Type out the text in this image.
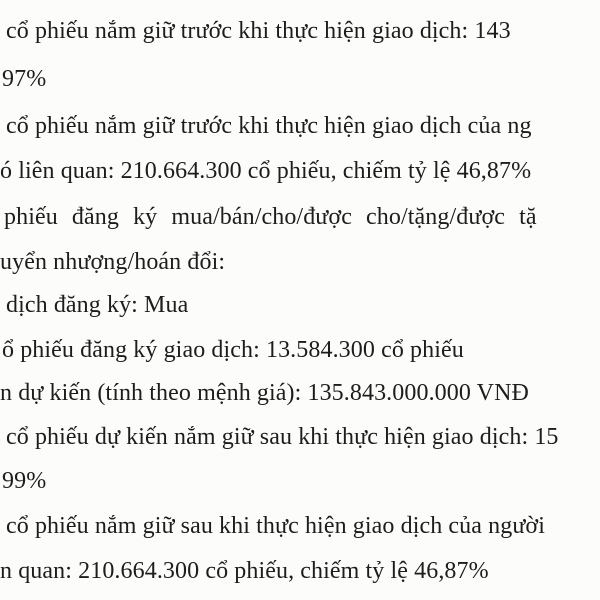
cổ phiếu nắm giữ trước khi thực hiện giao dịch: 143
97%
cổ phiếu nắm giữ trước khi thực hiện giao dịch của ng
ó liên quan: 210.664.300 cổ phiếu, chiếm tỷ lệ 46,87%
phiếu đăng ký mua/bán/cho/được cho/tặng/được tặ
uyển nhượng/hoán đổi:
dịch đăng ký: Mua
ổ phiếu đăng ký giao dịch: 13.584.300 cổ phiếu
n dự kiến (tính theo mệnh giá): 135.843.000.000 VNĐ
cổ phiếu dự kiến nắm giữ sau khi thực hiện giao dịch: 15
99%
cổ phiếu nắm giữ sau khi thực hiện giao dịch của người
n quan: 210.664.300 cổ phiếu, chiếm tỷ lệ 46,87%
